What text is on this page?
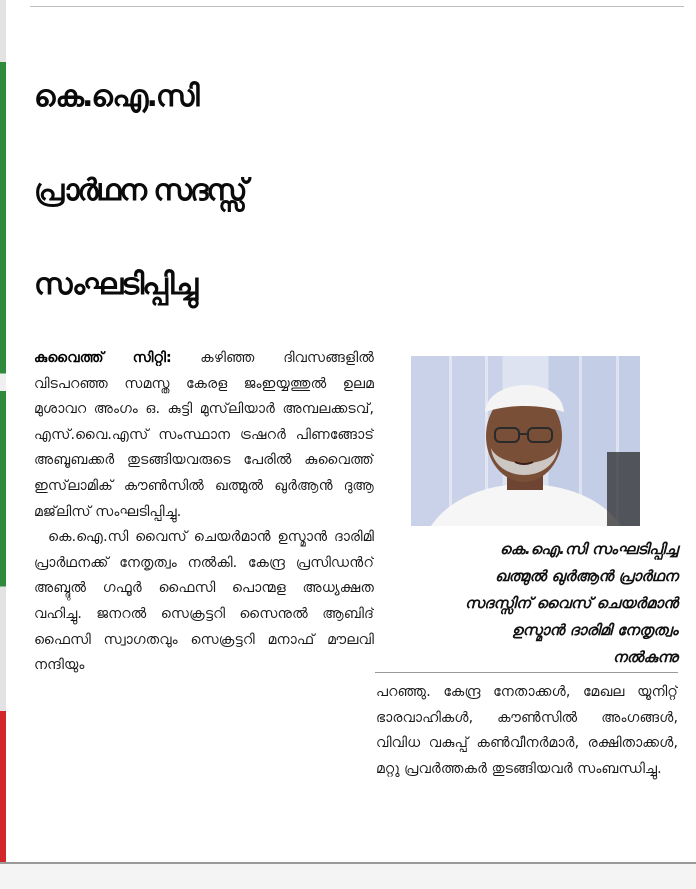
കെ.ഐ.സി
പ്രാർഥന സദസ്സ്
സംഘടിപ്പിച്ചു

കുവൈത്ത് സിറ്റി: കഴിഞ്ഞ ദിവസങ്ങളിൽ വിടപറഞ്ഞ സമസ്ത കേരള ജംഇയ്യത്തുൽ ഉലമ മുശാവറ അംഗം ഒ. കുട്ടി മുസ്‌ലിയാർ അമ്പലക്കടവ്, എസ്.വൈ.എസ് സംസ്ഥാന ട്രഷറർ പിണങ്ങോട് അബൂബക്കർ തുടങ്ങിയവരുടെ പേരിൽ കുവൈത്ത് ഇസ്‌ലാമിക് കൗൺസിൽ ഖത്മുൽ ഖുർആൻ ദുആ മജ്‌ലിസ് സംഘടിപ്പിച്ചു.

കെ.ഐ.സി വൈസ് ചെയർമാൻ ഉസ്മാൻ ദാരിമി പ്രാർഥനക്ക് നേതൃത്വം നൽകി. കേന്ദ്ര പ്രസിഡൻറ് അബ്ദുൽ ഗഫൂർ ഫൈസി പൊന്മള അധ്യക്ഷത വഹിച്ചു. ജനറൽ സെക്രട്ടറി സൈനുൽ ആബിദ് ഫൈസി സ്വാഗതവും സെക്രട്ടറി മനാഫ് മൗലവി നന്ദിയും

കെ.ഐ.സി സംഘടിപ്പിച്ച
ഖത്മുൽ ഖുർആൻ പ്രാർഥന
സദസ്സിന് വൈസ് ചെയർമാൻ
ഉസ്മാൻ ദാരിമി നേതൃത്വം
നൽകുന്നു

പറഞ്ഞു. കേന്ദ്ര നേതാക്കൾ, മേഖല യൂനിറ്റ് ഭാരവാഹികൾ, കൗൺസിൽ അംഗങ്ങൾ, വിവിധ വകുപ്പ് കൺവീനർമാർ, രക്ഷിതാക്കൾ, മറ്റു പ്രവർത്തകർ തുടങ്ങിയവർ സംബന്ധിച്ചു.
